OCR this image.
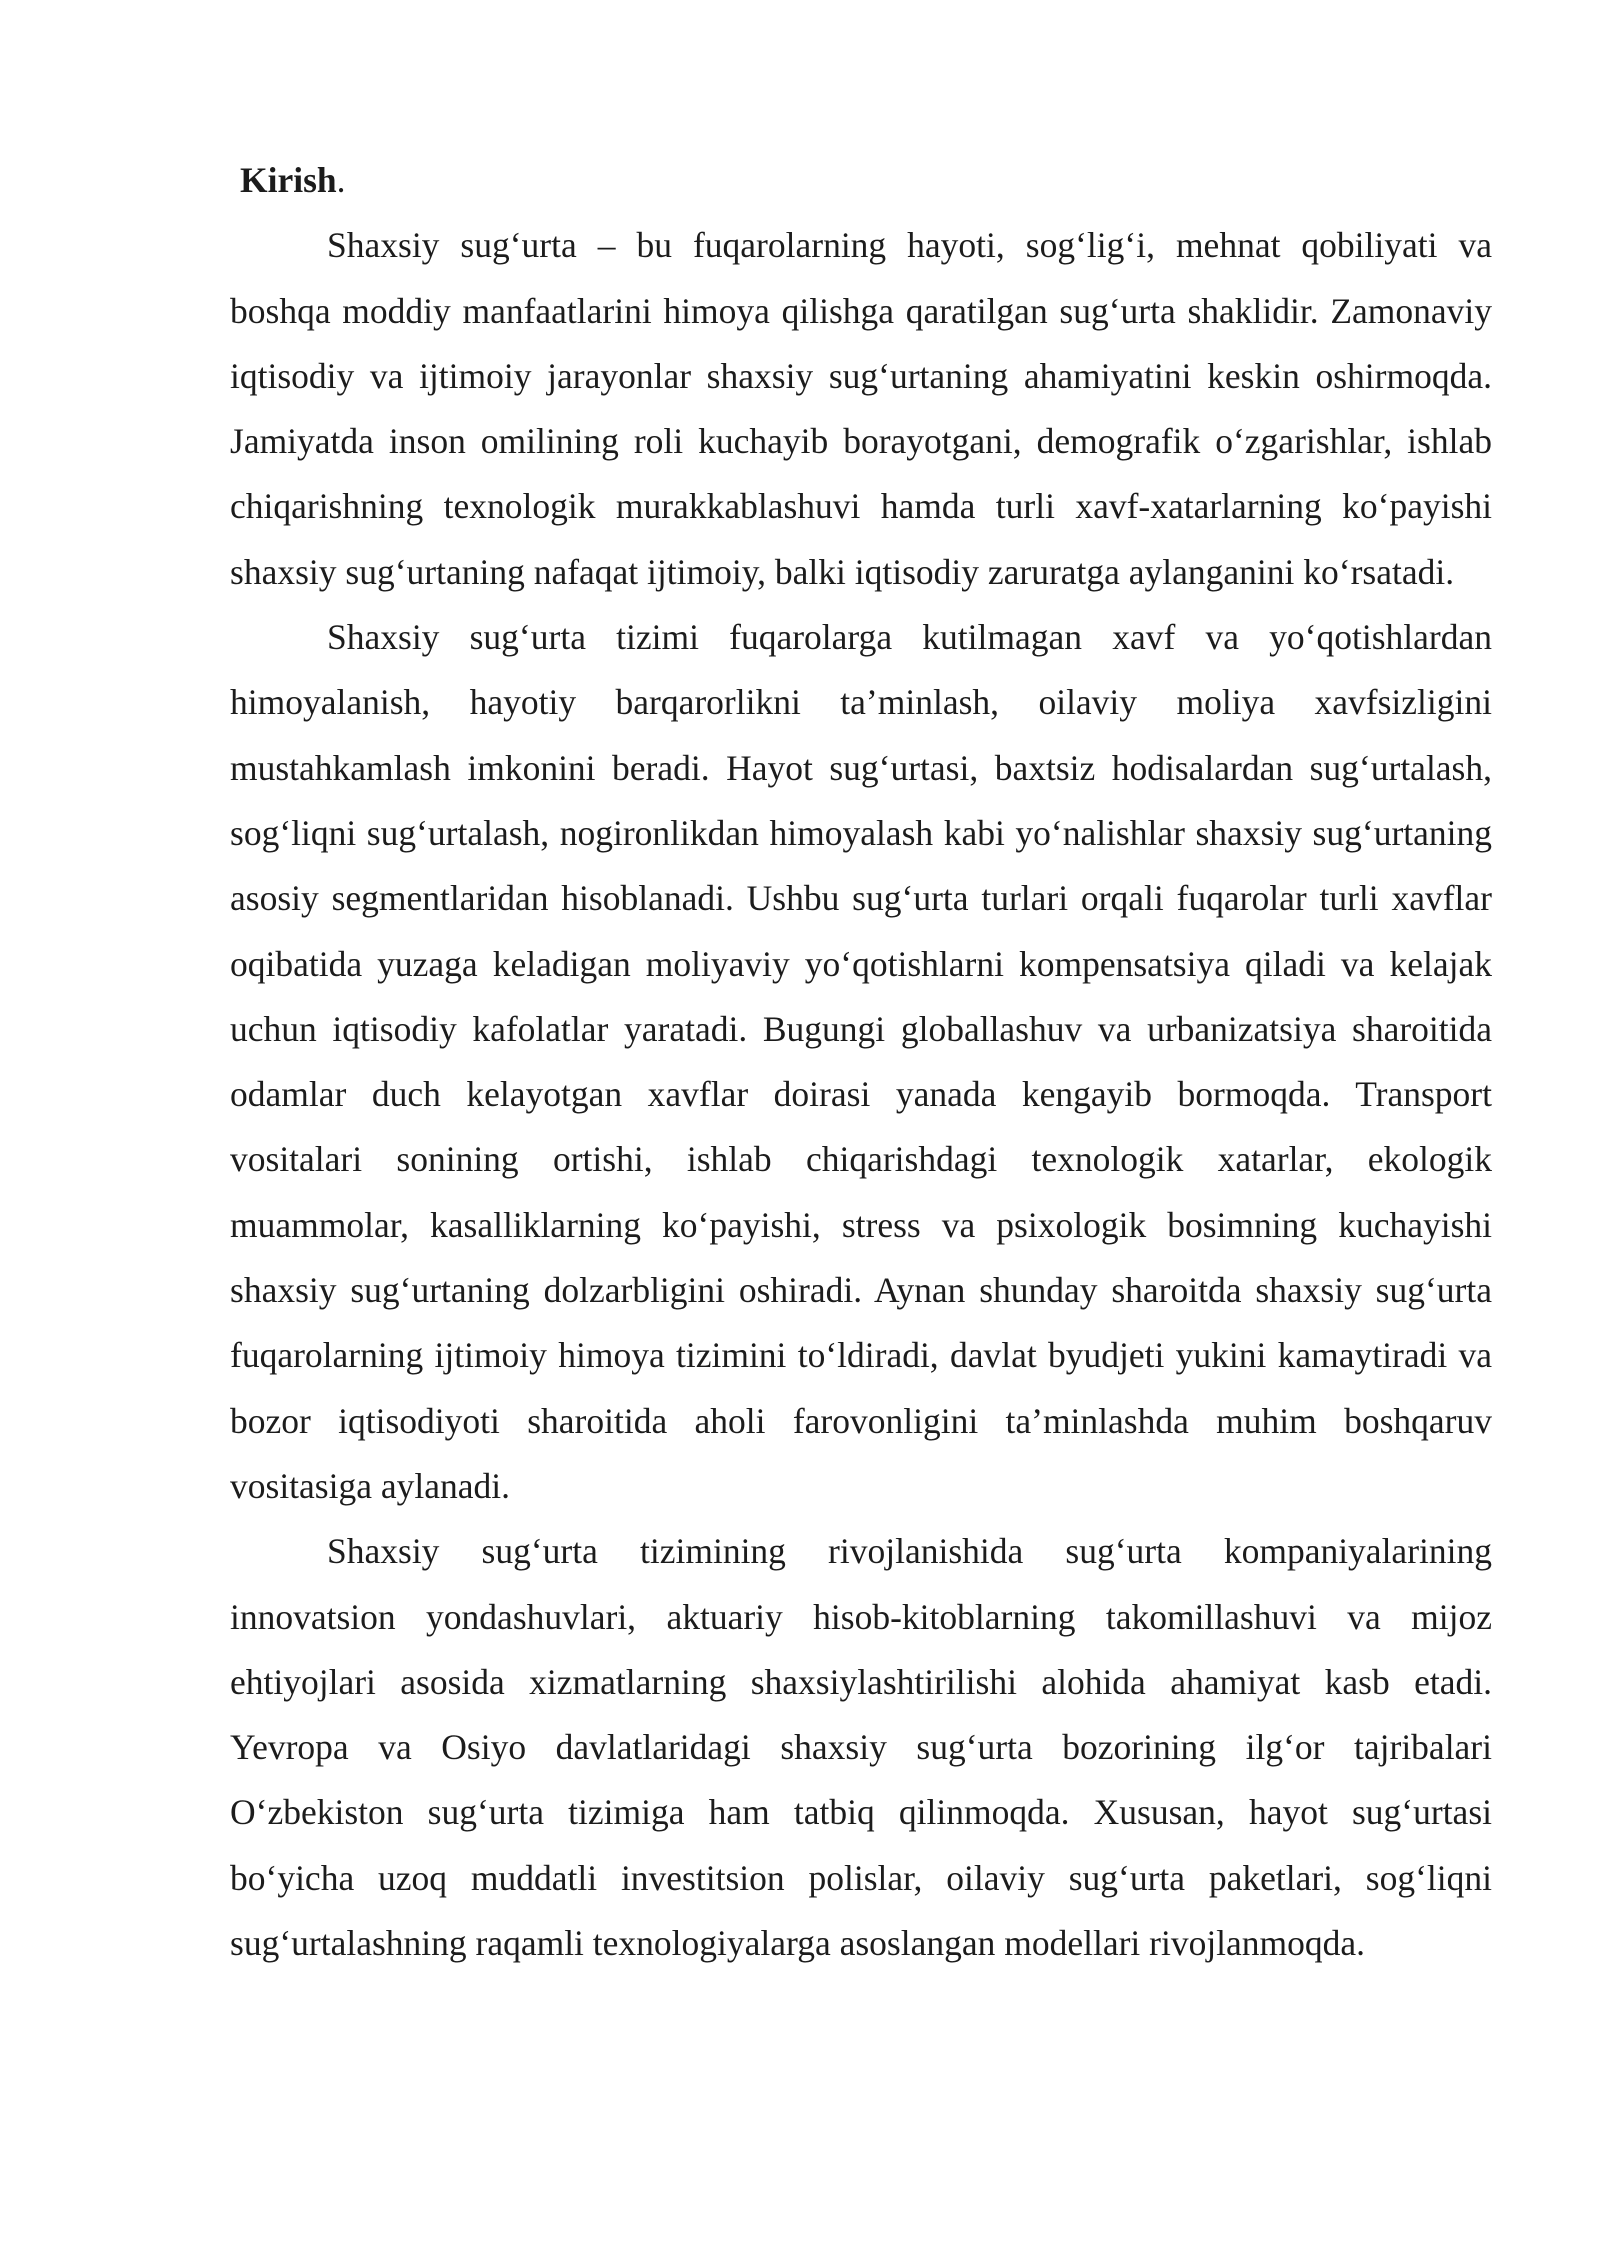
Kirish.

Shaxsiy sug‘urta – bu fuqarolarning hayoti, sog‘lig‘i, mehnat qobiliyati va boshqa moddiy manfaatlarini himoya qilishga qaratilgan sug‘urta shaklidir. Zamonaviy iqtisodiy va ijtimoiy jarayonlar shaxsiy sug‘urtaning ahamiyatini keskin oshirmoqda. Jamiyatda inson omilining roli kuchayib borayotgani, demografik o‘zgarishlar, ishlab chiqarishning texnologik murakkablashuvi hamda turli xavf-xatarlarning ko‘payishi shaxsiy sug‘urtaning nafaqat ijtimoiy, balki iqtisodiy zaruratga aylanganini ko‘rsatadi.

Shaxsiy sug‘urta tizimi fuqarolarga kutilmagan xavf va yo‘qotishlardan himoyalanish, hayotiy barqarorlikni ta’minlash, oilaviy moliya xavfsizligini mustahkamlash imkonini beradi. Hayot sug‘urtasi, baxtsiz hodisalardan sug‘urtalash, sog‘liqni sug‘urtalash, nogironlikdan himoyalash kabi yo‘nalishlar shaxsiy sug‘urtaning asosiy segmentlaridan hisoblanadi. Ushbu sug‘urta turlari orqali fuqarolar turli xavflar oqibatida yuzaga keladigan moliyaviy yo‘qotishlarni kompensatsiya qiladi va kelajak uchun iqtisodiy kafolatlar yaratadi. Bugungi globallashuv va urbanizatsiya sharoitida odamlar duch kelayotgan xavflar doirasi yanada kengayib bormoqda. Transport vositalari sonining ortishi, ishlab chiqarishdagi texnologik xatarlar, ekologik muammolar, kasalliklarning ko‘payishi, stress va psixologik bosimning kuchayishi shaxsiy sug‘urtaning dolzarbligini oshiradi. Aynan shunday sharoitda shaxsiy sug‘urta fuqarolarning ijtimoiy himoya tizimini to‘ldiradi, davlat byudjeti yukini kamaytiradi va bozor iqtisodiyoti sharoitida aholi farovonligini ta’minlashda muhim boshqaruv vositasiga aylanadi.

Shaxsiy sug‘urta tizimining rivojlanishida sug‘urta kompaniyalarining innovatsion yondashuvlari, aktuariy hisob-kitoblarning takomillashuvi va mijoz ehtiyojlari asosida xizmatlarning shaxsiylashtirilishi alohida ahamiyat kasb etadi. Yevropa va Osiyo davlatlaridagi shaxsiy sug‘urta bozorining ilg‘or tajribalari O‘zbekiston sug‘urta tizimiga ham tatbiq qilinmoqda. Xususan, hayot sug‘urtasi bo‘yicha uzoq muddatli investitsion polislar, oilaviy sug‘urta paketlari, sog‘liqni sug‘urtalashning raqamli texnologiyalarga asoslangan modellari rivojlanmoqda.
